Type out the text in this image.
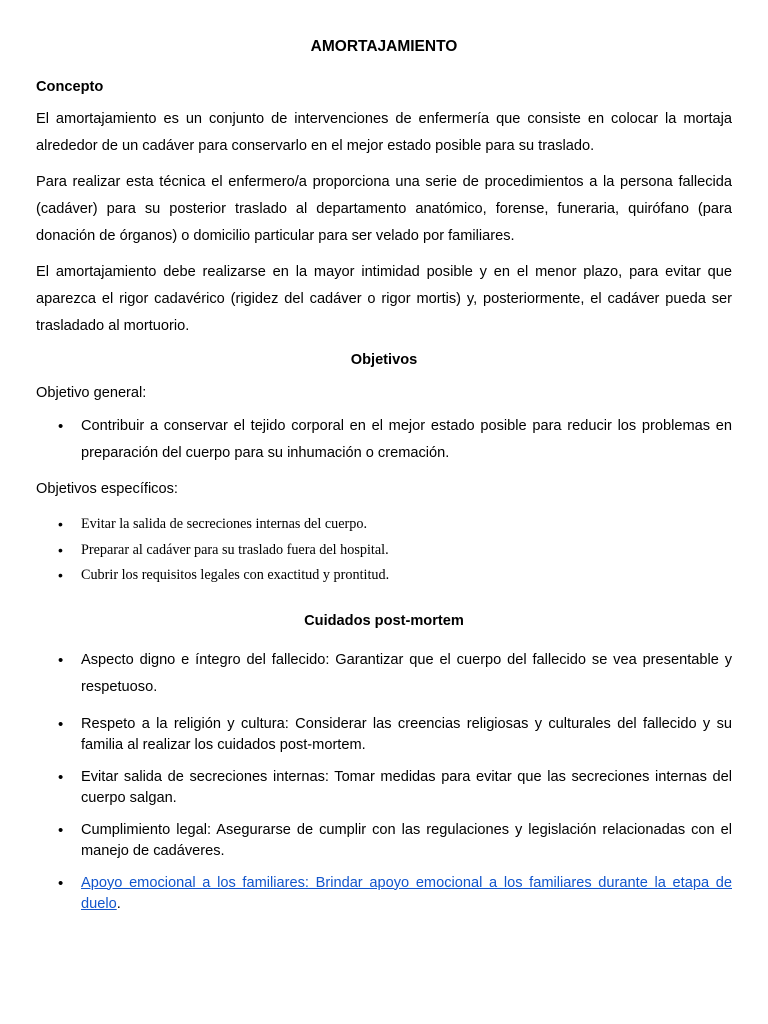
AMORTAJAMIENTO
Concepto

El amortajamiento es un conjunto de intervenciones de enfermería que consiste en colocar la mortaja alrededor de un cadáver para conservarlo en el mejor estado posible para su traslado.

Para realizar esta técnica el enfermero/a proporciona una serie de procedimientos a la persona fallecida (cadáver) para su posterior traslado al departamento anatómico, forense, funeraria, quirófano (para donación de órganos) o domicilio particular para ser velado por familiares.

El amortajamiento debe realizarse en la mayor intimidad posible y en el menor plazo, para evitar que aparezca el rigor cadavérico (rigidez del cadáver o rigor mortis) y, posteriormente, el cadáver pueda ser trasladado al mortuorio.

Objetivos

Objetivo general:

• Contribuir a conservar el tejido corporal en el mejor estado posible para reducir los problemas en preparación del cuerpo para su inhumación o cremación.

Objetivos específicos:

• Evitar la salida de secreciones internas del cuerpo.
• Preparar al cadáver para su traslado fuera del hospital.
• Cubrir los requisitos legales con exactitud y prontitud.
Cuidados post-mortem
• Aspecto digno e íntegro del fallecido: Garantizar que el cuerpo del fallecido se vea presentable y respetuoso.
• Respeto a la religión y cultura: Considerar las creencias religiosas y culturales del fallecido y su familia al realizar los cuidados post-mortem.
• Evitar salida de secreciones internas: Tomar medidas para evitar que las secreciones internas del cuerpo salgan.
• Cumplimiento legal: Asegurarse de cumplir con las regulaciones y legislación relacionadas con el manejo de cadáveres.
• Apoyo emocional a los familiares: Brindar apoyo emocional a los familiares durante la etapa de duelo.
